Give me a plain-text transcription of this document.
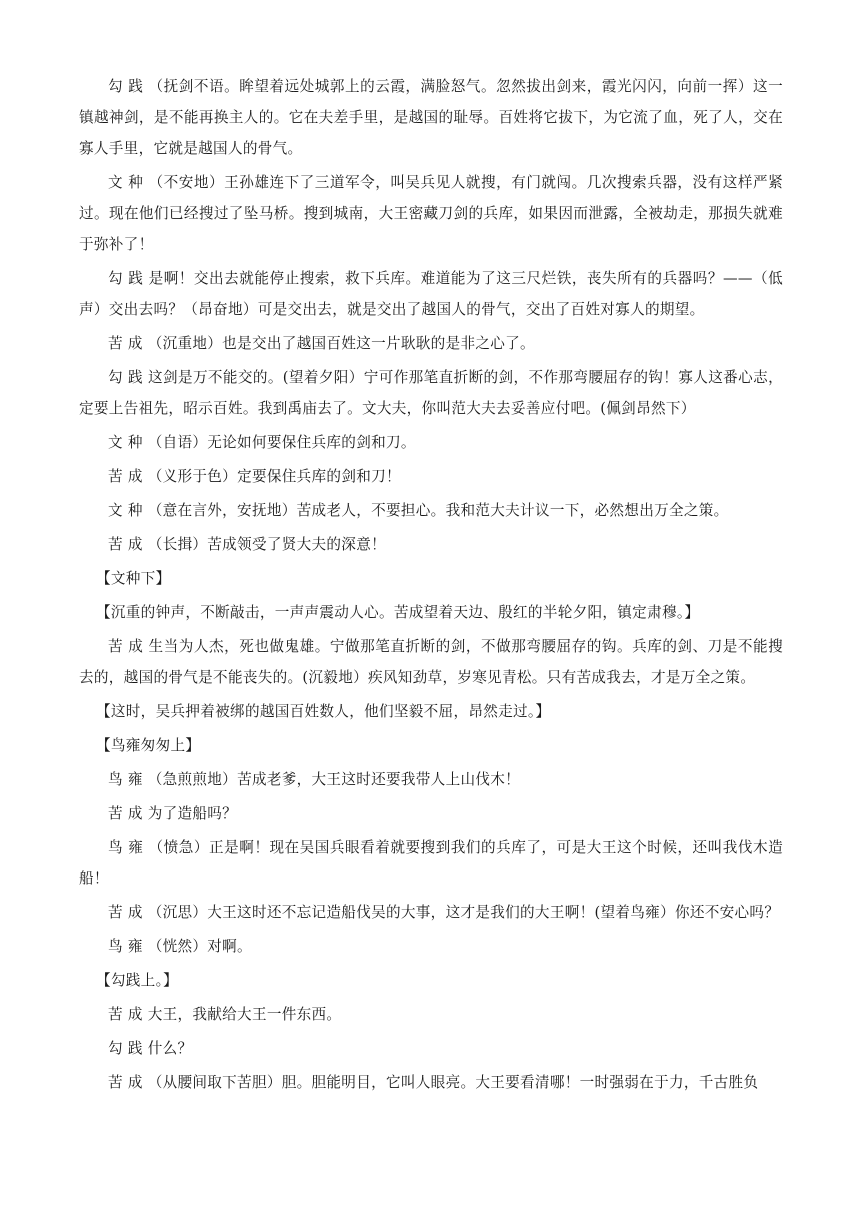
勾 践 （抚剑不语。眸望着远处城郭上的云霞，满脸怒气。忽然拔出剑来，霞光闪闪，向前一挥）这一镇越神剑，是不能再换主人的。它在夫差手里，是越国的耻辱。百姓将它拔下，为它流了血，死了人，交在寡人手里，它就是越国人的骨气。

文 种 （不安地）王孙雄连下了三道军令，叫吴兵见人就搜，有门就闯。几次搜索兵器，没有这样严紧过。现在他们已经搜过了坠马桥。搜到城南，大王密藏刀剑的兵库，如果因而泄露，全被劫走，那损失就难于弥补了！

勾 践 是啊！交出去就能停止搜索，救下兵库。难道能为了这三尺烂铁，丧失所有的兵器吗？——（低声）交出去吗？（昂奋地）可是交出去，就是交出了越国人的骨气，交出了百姓对寡人的期望。

苦 成 （沉重地）也是交出了越国百姓这一片耿耿的是非之心了。

勾 践 这剑是万不能交的。(望着夕阳）宁可作那笔直折断的剑，不作那弯腰屈存的钩！寡人这番心志，定要上告祖先，昭示百姓。我到禹庙去了。文大夫，你叫范大夫去妥善应付吧。(佩剑昂然下）

文 种 （自语）无论如何要保住兵库的剑和刀。

苦 成 （义形于色）定要保住兵库的剑和刀！

文 种 （意在言外，安抚地）苦成老人，不要担心。我和范大夫计议一下，必然想出万全之策。

苦 成 （长揖）苦成领受了贤大夫的深意！

【文种下】

【沉重的钟声，不断敲击，一声声震动人心。苦成望着天边、殷红的半轮夕阳，镇定肃穆。】

苦 成 生当为人杰，死也做鬼雄。宁做那笔直折断的剑，不做那弯腰屈存的钩。兵库的剑、刀是不能搜去的，越国的骨气是不能丧失的。(沉毅地）疾风知劲草，岁寒见青松。只有苦成我去，才是万全之策。

【这时，吴兵押着被绑的越国百姓数人，他们坚毅不屈，昂然走过。】

【鸟雍匆匆上】

鸟 雍 （急煎煎地）苦成老爹，大王这时还要我带人上山伐木！

苦 成 为了造船吗？

鸟 雍 （愤急）正是啊！现在吴国兵眼看着就要搜到我们的兵库了，可是大王这个时候，还叫我伐木造船！

苦 成 （沉思）大王这时还不忘记造船伐吴的大事，这才是我们的大王啊！(望着鸟雍）你还不安心吗？

鸟 雍 （恍然）对啊。

【勾践上。】

苦 成 大王，我献给大王一件东西。

勾 践 什么？

苦 成 （从腰间取下苦胆）胆。胆能明目，它叫人眼亮。大王要看清哪！一时强弱在于力，千古胜负
